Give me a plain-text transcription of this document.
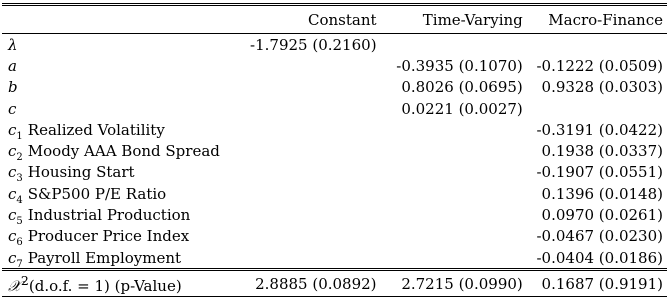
	Constant	Time-Varying	Macro-Finance
λ	-1.7925 (0.2160)		
a		-0.3935 (0.1070)	-0.1222 (0.0509)
b		0.8026 (0.0695)	0.9328 (0.0303)
c		0.0221 (0.0027)	
$c_1$ Realized Volatility			-0.3191 (0.0422)
$c_2$ Moody AAA Bond Spread			0.1938 (0.0337)
$c_3$ Housing Start			-0.1907 (0.0551)
$c_4$ S&P500 P/E Ratio			0.1396 (0.0148)
$c_5$ Industrial Production			0.0970 (0.0261)
$c_6$ Producer Price Index			-0.0467 (0.0230)
$c_7$ Payroll Employment			-0.0404 (0.0186)
𝒳$^2$(d.o.f. = 1) (p-Value)	2.8885 (0.0892)	2.7215 (0.0990)	0.1687 (0.9191)
